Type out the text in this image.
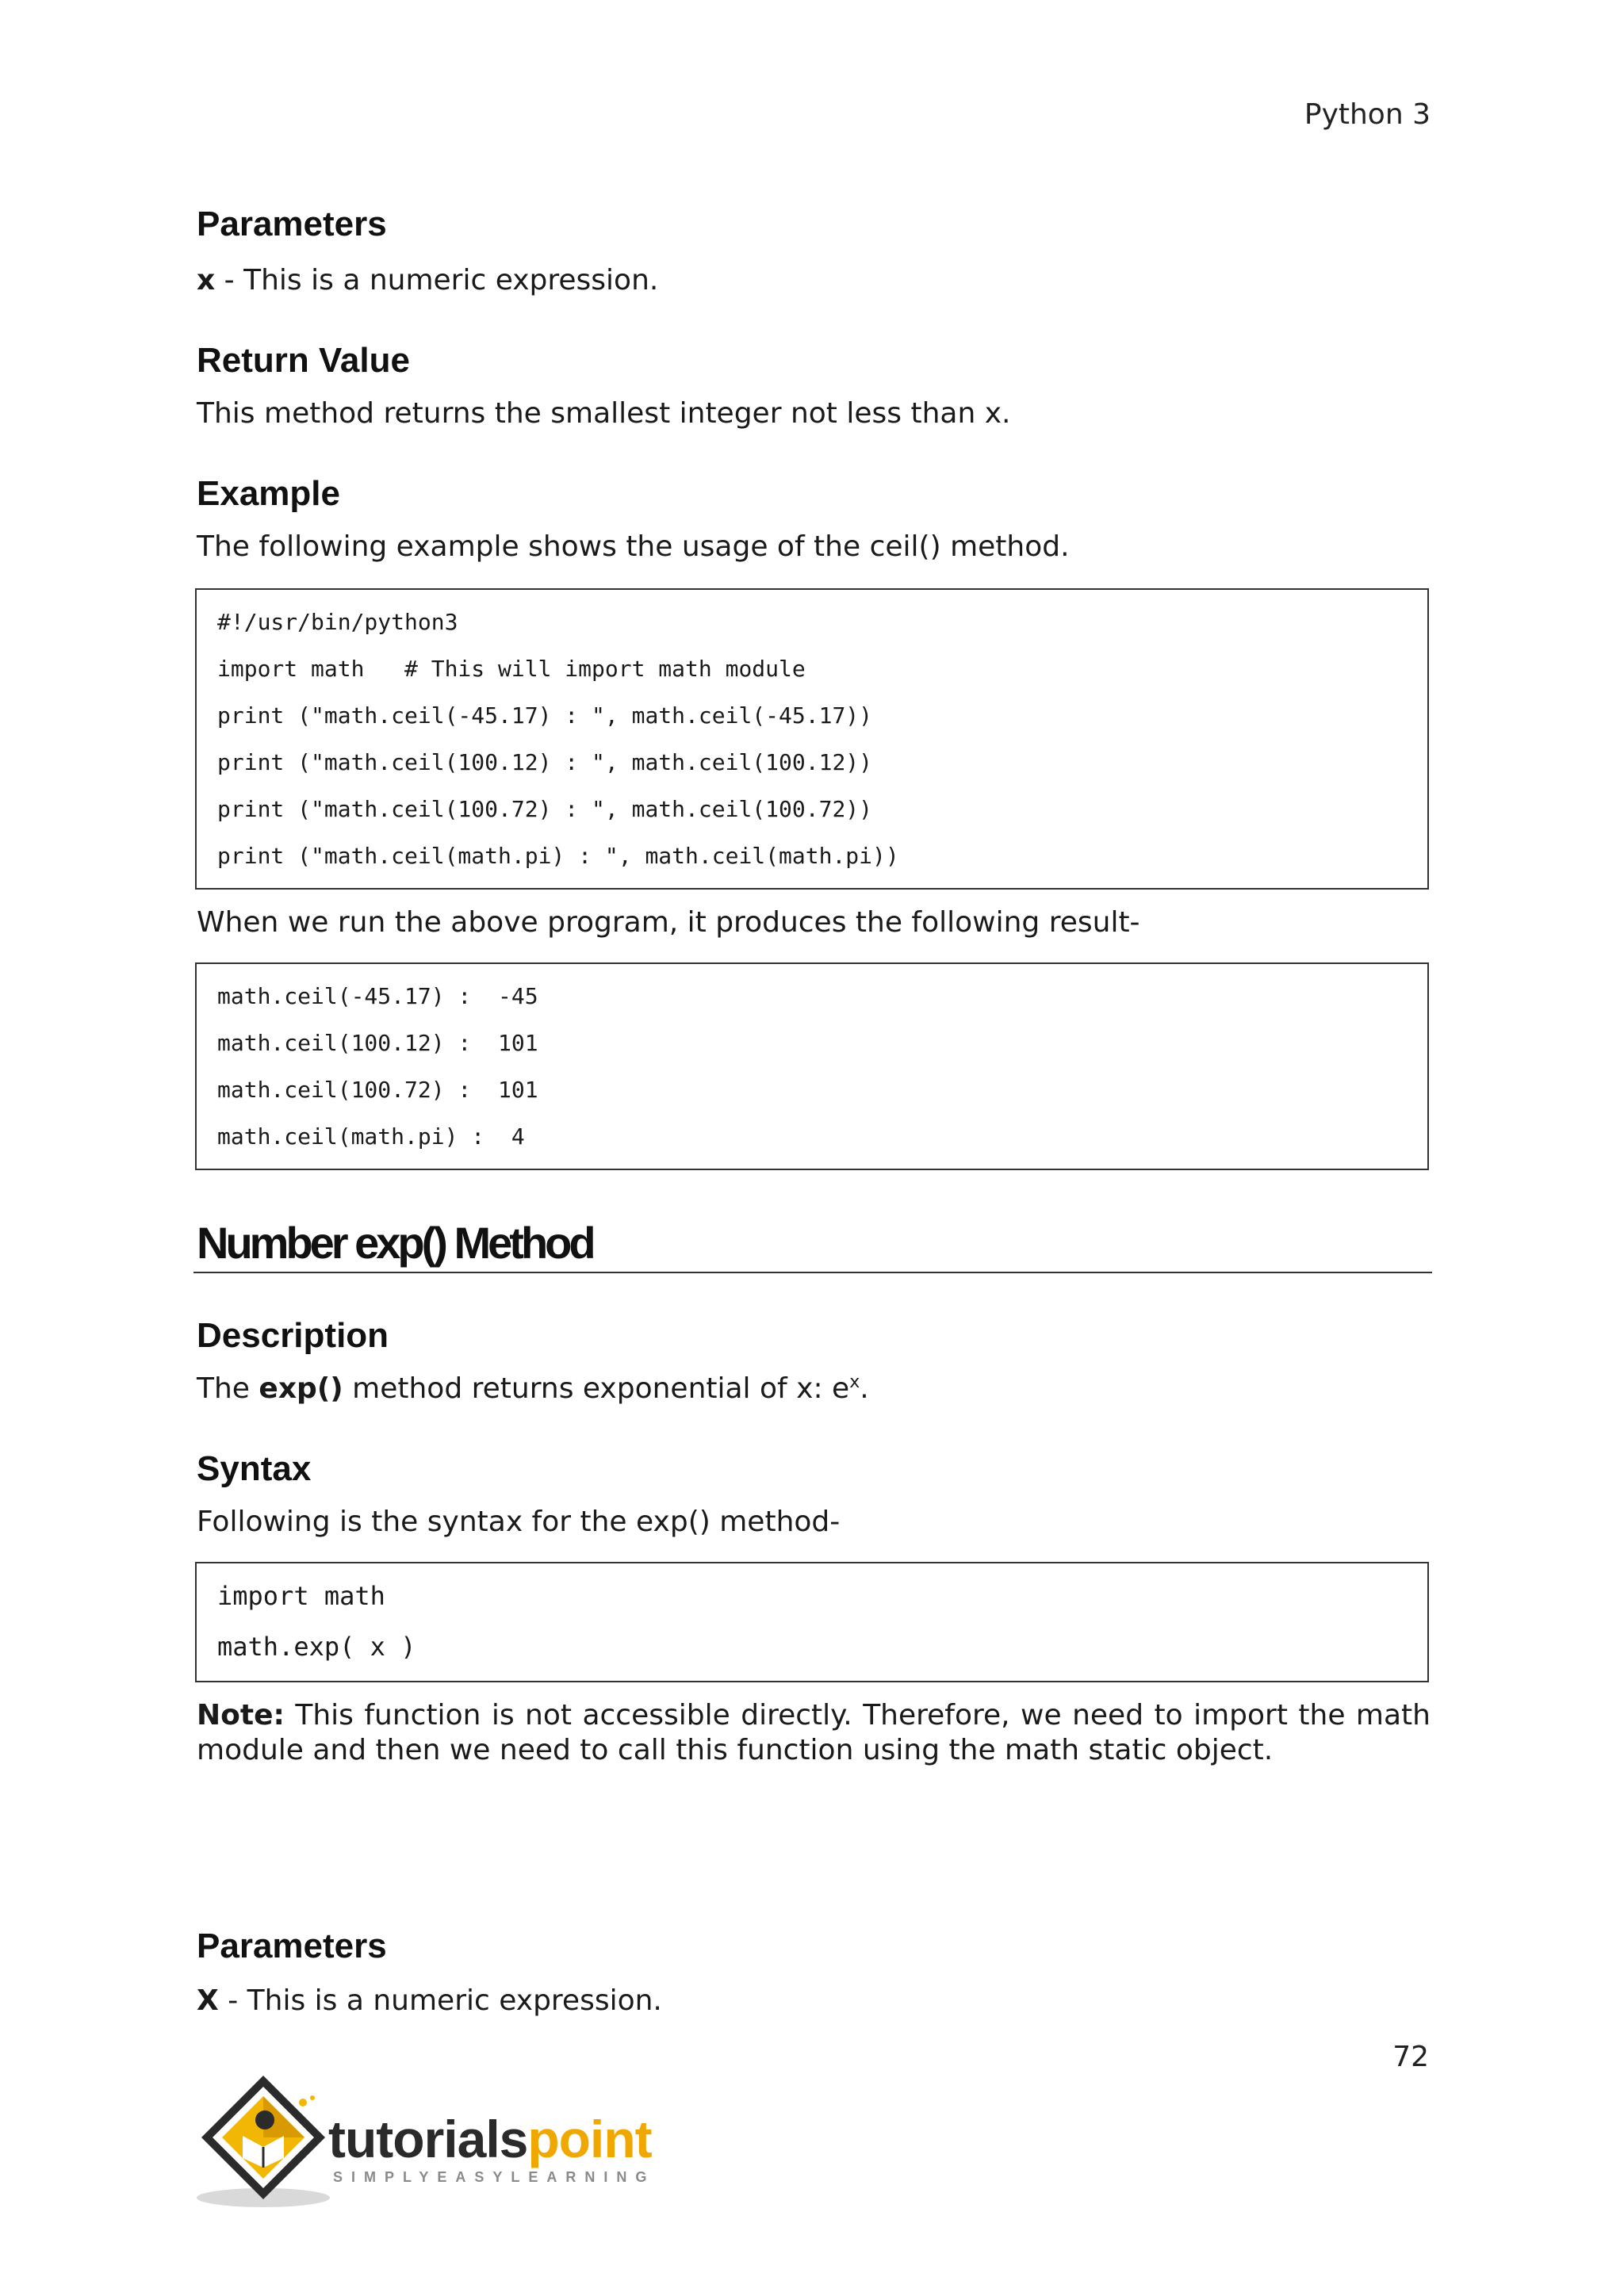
Python 3
Parameters
x - This is a numeric expression.
Return Value
This method returns the smallest integer not less than x.
Example
The following example shows the usage of the ceil() method.
#!/usr/bin/python3
import math   # This will import math module
print ("math.ceil(-45.17) : ", math.ceil(-45.17))
print ("math.ceil(100.12) : ", math.ceil(100.12))
print ("math.ceil(100.72) : ", math.ceil(100.72))
print ("math.ceil(math.pi) : ", math.ceil(math.pi))
When we run the above program, it produces the following result-
math.ceil(-45.17) :  -45
math.ceil(100.12) :  101
math.ceil(100.72) :  101
math.ceil(math.pi) :  4
Number exp() Method
Description
The exp() method returns exponential of x: $e^x$.
Syntax
Following is the syntax for the exp() method-
import math
math.exp( x )
Note: This function is not accessible directly. Therefore, we need to import the math module and then we need to call this function using the math static object.
Parameters
X - This is a numeric expression.
72
tutorialspoint
SIMPLYEASYLEARNING
